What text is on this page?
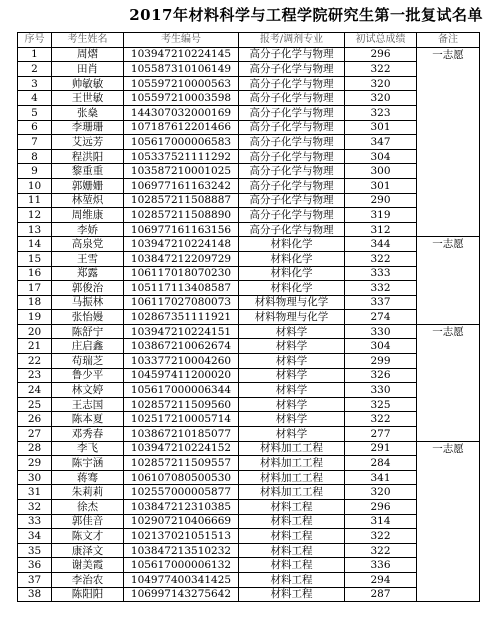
2017年材料科学与工程学院研究生第一批复试名单
序号	考生姓名	考生编号	报考/调剂专业	初试总成绩	备注
1	周熠	103947210224145	高分子化学与物理	296	一志愿
2	田肖	105587310106149	高分子化学与物理	322	
3	帅敏敏	105597210000563	高分子化学与物理	320	
4	王世敏	105597210003598	高分子化学与物理	320	
5	张燊	144307032000169	高分子化学与物理	323	
6	李珊珊	107187612201466	高分子化学与物理	301	
7	艾远芳	105617000006583	高分子化学与物理	347	
8	程洪阳	105337521111292	高分子化学与物理	304	
9	黎重重	103587210001025	高分子化学与物理	300	
10	郭姗姗	106977161163242	高分子化学与物理	301	
11	林堃炽	102857211508887	高分子化学与物理	290	
12	周维康	102857211508890	高分子化学与物理	319	
13	李娇	106977161163156	高分子化学与物理	312	
14	高泉党	103947210224148	材料化学	344	一志愿
15	王雪	103847212209729	材料化学	322	
16	郑露	106117018070230	材料化学	333	
17	郭俊治	105117113408587	材料化学	332	
18	马振林	106117027080073	材料物理与化学	337	
19	张怡嫚	102867351111921	材料物理与化学	274	
20	陈舒宁	103947210224151	材料学	330	一志愿
21	庄启鑫	103867210062674	材料学	304	
22	苟瑞芝	103377210004260	材料学	299	
23	鲁少平	104597411200020	材料学	326	
24	林文婷	105617000006344	材料学	330	
25	王志国	102857211509560	材料学	325	
26	陈本夏	102517210005714	材料学	322	
27	邓秀春	103867210185077	材料学	277	
28	李飞	103947210224152	材料加工工程	291	一志愿
29	陈宇涵	102857211509557	材料加工工程	284	
30	蒋骞	106107080500530	材料加工工程	341	
31	朱莉莉	102557000005877	材料加工工程	320	
32	徐杰	103847212310385	材料工程	296	
33	郭佳音	102907210406669	材料工程	314	
34	陈文才	102137021051513	材料工程	322	
35	康泽文	103847213510232	材料工程	322	
36	谢美霞	105617000006132	材料工程	336	
37	李治农	104977400341425	材料工程	294	
38	陈阳阳	106997143275642	材料工程	287	
